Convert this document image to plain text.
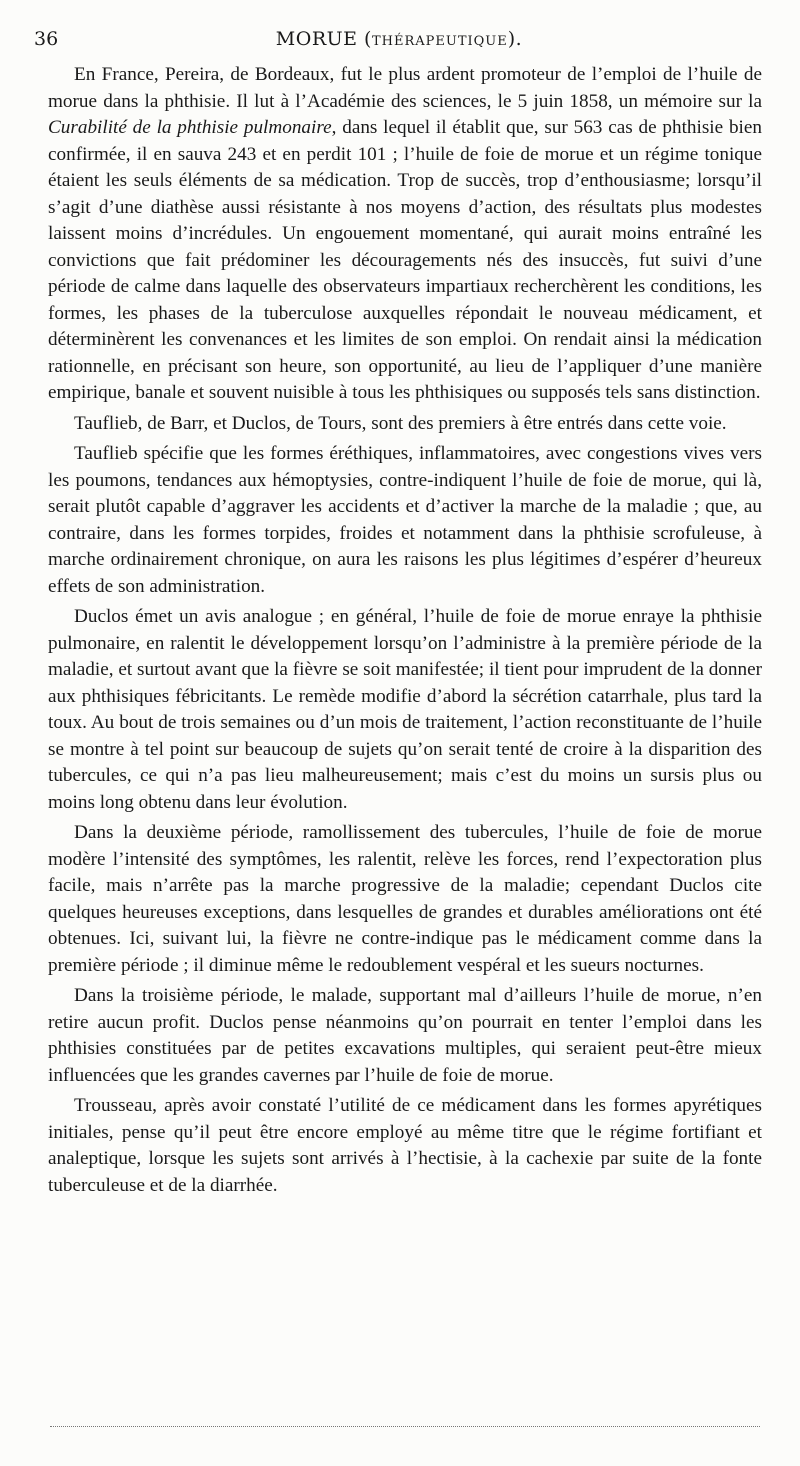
36	MORUE (THÉRAPEUTIQUE).

En France, Pereira, de Bordeaux, fut le plus ardent promoteur de l’emploi de l’huile de morue dans la phthisie. Il lut à l’Académie des sciences, le 5 juin 1858, un mémoire sur la Curabilité de la phthisie pulmonaire, dans lequel il établit que, sur 563 cas de phthisie bien confirmée, il en sauva 243 et en perdit 101 ; l’huile de foie de morue et un régime tonique étaient les seuls éléments de sa médication. Trop de succès, trop d’enthousiasme; lorsqu’il s’agit d’une diathèse aussi résistante à nos moyens d’action, des résultats plus modestes laissent moins d’incrédules. Un engouement momentané, qui aurait moins entraîné les convictions que fait prédominer les découragements nés des insuccès, fut suivi d’une période de calme dans laquelle des observateurs impartiaux recherchèrent les conditions, les formes, les phases de la tuberculose auxquelles répondait le nouveau médicament, et déterminèrent les convenances et les limites de son emploi. On rendait ainsi la médication rationnelle, en précisant son heure, son opportunité, au lieu de l’appliquer d’une manière empirique, banale et souvent nuisible à tous les phthisiques ou supposés tels sans distinction.

Tauflieb, de Barr, et Duclos, de Tours, sont des premiers à être entrés dans cette voie.

Tauflieb spécifie que les formes éréthiques, inflammatoires, avec congestions vives vers les poumons, tendances aux hémoptysies, contre-indiquent l’huile de foie de morue, qui là, serait plutôt capable d’aggraver les accidents et d’activer la marche de la maladie ; que, au contraire, dans les formes torpides, froides et notamment dans la phthisie scrofuleuse, à marche ordinairement chronique, on aura les raisons les plus légitimes d’espérer d’heureux effets de son administration.

Duclos émet un avis analogue ; en général, l’huile de foie de morue enraye la phthisie pulmonaire, en ralentit le développement lorsqu’on l’administre à la première période de la maladie, et surtout avant que la fièvre se soit manifestée; il tient pour imprudent de la donner aux phthisiques fébricitants. Le remède modifie d’abord la sécrétion catarrhale, plus tard la toux. Au bout de trois semaines ou d’un mois de traitement, l’action reconstituante de l’huile se montre à tel point sur beaucoup de sujets qu’on serait tenté de croire à la disparition des tubercules, ce qui n’a pas lieu malheureusement; mais c’est du moins un sursis plus ou moins long obtenu dans leur évolution.

Dans la deuxième période, ramollissement des tubercules, l’huile de foie de morue modère l’intensité des symptômes, les ralentit, relève les forces, rend l’expectoration plus facile, mais n’arrête pas la marche progressive de la maladie; cependant Duclos cite quelques heureuses exceptions, dans lesquelles de grandes et durables améliorations ont été obtenues. Ici, suivant lui, la fièvre ne contre-indique pas le médicament comme dans la première période ; il diminue même le redoublement vespéral et les sueurs nocturnes.

Dans la troisième période, le malade, supportant mal d’ailleurs l’huile de morue, n’en retire aucun profit. Duclos pense néanmoins qu’on pourrait en tenter l’emploi dans les phthisies constituées par de petites excavations multiples, qui seraient peut-être mieux influencées que les grandes cavernes par l’huile de foie de morue.

Trousseau, après avoir constaté l’utilité de ce médicament dans les formes apyrétiques initiales, pense qu’il peut être encore employé au même titre que le régime fortifiant et analeptique, lorsque les sujets sont arrivés à l’hectisie, à la cachexie par suite de la fonte tuberculeuse et de la diarrhée.
